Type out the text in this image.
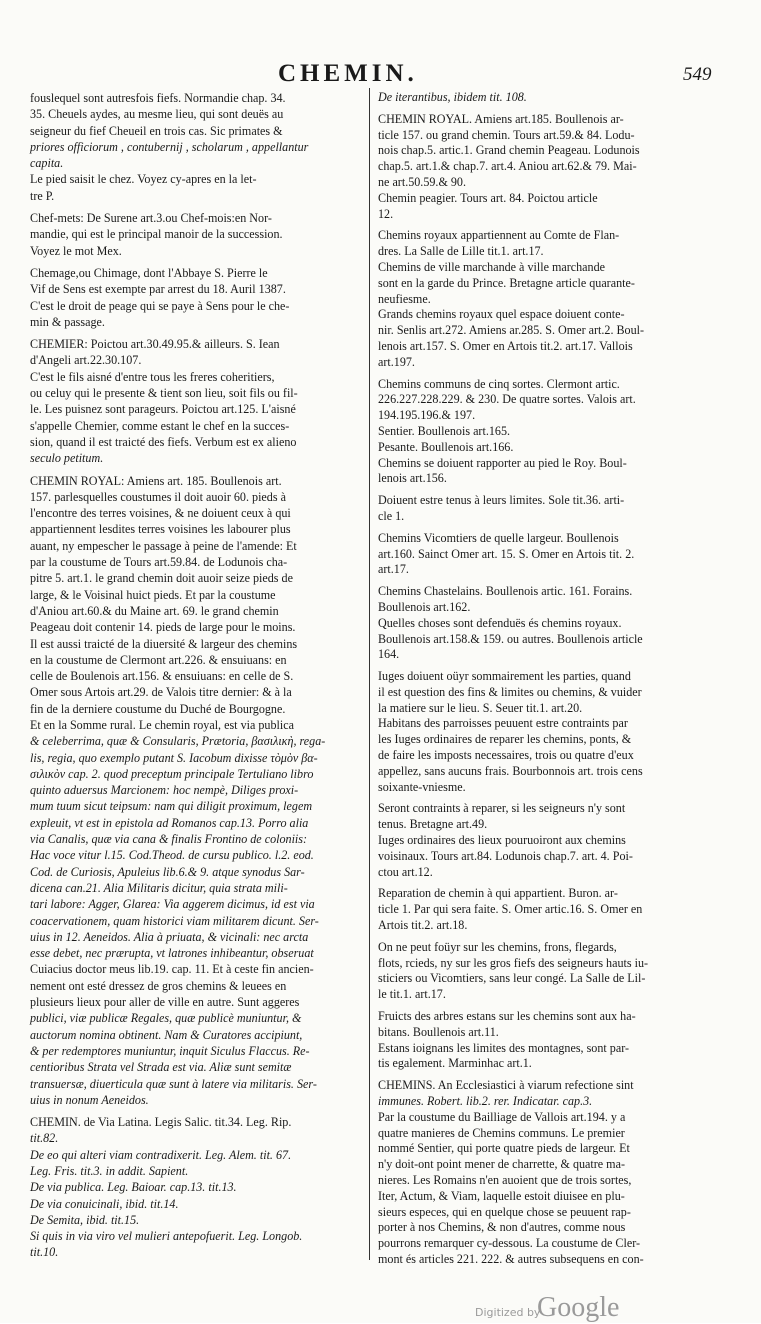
CHEMIN.	549

fouslequel sont autresfois fiefs. Normandie chap. 34.

35. Cheuels aydes, au mesme lieu, qui sont deuës au

seigneur du fief Cheueil en trois cas. Sic primates &

priores officiorum , contubernij , scholarum , appellantur

capita.

Le pied saisit le chez. Voyez cy-apres en la let-

tre P.

Chef-mets: De Surene art.3.ou Chef-mois:en Nor-

mandie, qui est le principal manoir de la succession.

Voyez le mot Mex.

Chemage,ou Chimage, dont l'Abbaye S. Pierre le

Vif de Sens est exempte par arrest du 18. Auril 1387.

C'est le droit de peage qui se paye à Sens pour le che-

min & passage.

CHEMIER: Poictou art.30.49.95.& ailleurs. S. Iean

d'Angeli art.22.30.107.

C'est le fils aisné d'entre tous les freres coheritiers,

ou celuy qui le presente & tient son lieu, soit fils ou fil-

le. Les puisnez sont parageurs. Poictou art.125. L'aisné

s'appelle Chemier, comme estant le chef en la succes-

sion, quand il est traicté des fiefs. Verbum est ex alieno

seculo petitum.

CHEMIN ROYAL: Amiens art. 185. Boullenois art.

157. parlesquelles coustumes il doit auoir 60. pieds à

l'encontre des terres voisines, & ne doiuent ceux à qui

appartiennent lesdites terres voisines les labourer plus

auant, ny empescher le passage à peine de l'amende: Et

par la coustume de Tours art.59.84. de Lodunois cha-

pitre 5. art.1. le grand chemin doit auoir seize pieds de

large, & le Voisinal huict pieds. Et par la coustume

d'Aniou art.60.& du Maine art. 69. le grand chemin

Peageau doit contenir 14. pieds de large pour le moins.

Il est aussi traicté de la diuersité & largeur des chemins

en la coustume de Clermont art.226. & ensuiuans: en

celle de Boulenois art.156. & ensuiuans: en celle de S.

Omer sous Artois art.29. de Valois titre dernier: & à la

fin de la derniere coustume du Duché de Bourgogne.

Et en la Somme rural. Le chemin royal, est via publica

& celeberrima, quæ & Consularis, Prætoria, βασιλικὴ, rega-

lis, regia, quo exemplo putant S. Iacobum dixisse τὸμὸν βα-

σιλικὸν cap. 2. quod preceptum principale Tertuliano libro

quinto aduersus Marcionem: hoc nempè, Diliges proxi-

mum tuum sicut teipsum: nam qui diligit proximum, legem

expleuit, vt est in epistola ad Romanos cap.13. Porro alia

via Canalis, quæ via cana & finalis Frontino de coloniis:

Hac voce vitur l.15. Cod.Theod. de cursu publico. l.2. eod.

Cod. de Curiosis, Apuleius lib.6.& 9. atque synodus Sar-

dicena can.21. Alia Militaris dicitur, quia strata mili-

tari labore: Agger, Glarea: Via aggerem dicimus, id est via

coacervationem, quam historici viam militarem dicunt. Ser-

uius in 12. Aeneidos. Alia à priuata, & vicinali: nec arcta

esse debet, nec prærupta, vt latrones inhibeantur, obseruat

Cuiacius doctor meus lib.19. cap. 11. Et à ceste fin ancien-

nement ont esté dressez de gros chemins & leuees en

plusieurs lieux pour aller de ville en autre. Sunt aggeres

publici, viæ publicæ Regales, quæ publicè muniuntur, &

auctorum nomina obtinent. Nam & Curatores accipiunt,

& per redemptores muniuntur, inquit Siculus Flaccus. Re-

centioribus Strata vel Strada est via. Aliæ sunt semitæ

transuersæ, diuerticula quæ sunt à latere via militaris. Ser-

uius in nonum Aeneidos.

CHEMIN. de Via Latina. Legis Salic. tit.34. Leg. Rip.

tit.82.

De eo qui alteri viam contradixerit. Leg. Alem. tit. 67.

Leg. Fris. tit.3. in addit. Sapient.

De via publica. Leg. Baioar. cap.13. tit.13.

De via conuicinali, ibid. tit.14.

De Semita, ibid. tit.15.

Si quis in via viro vel mulieri antepofuerit. Leg. Longob.

tit.10.

De iterantibus, ibidem tit. 108.

CHEMIN ROYAL. Amiens art.185. Boullenois ar-

ticle 157. ou grand chemin. Tours art.59.& 84. Lodu-

nois chap.5. artic.1. Grand chemin Peageau. Lodunois

chap.5. art.1.& chap.7. art.4. Aniou art.62.& 79. Mai-

ne art.50.59.& 90.

Chemin peagier. Tours art. 84. Poictou article

12.

Chemins royaux appartiennent au Comte de Flan-

dres. La Salle de Lille tit.1. art.17.

Chemins de ville marchande à ville marchande

sont en la garde du Prince. Bretagne article quarante-

neufiesme.

Grands chemins royaux quel espace doiuent conte-

nir. Senlis art.272. Amiens ar.285. S. Omer art.2. Boul-

lenois art.157. S. Omer en Artois tit.2. art.17. Vallois

art.197.

Chemins communs de cinq sortes. Clermont artic.

226.227.228.229. & 230. De quatre sortes. Valois art.

194.195.196.& 197.

Sentier. Boullenois art.165.

Pesante. Boullenois art.166.

Chemins se doiuent rapporter au pied le Roy. Boul-

lenois art.156.

Doiuent estre tenus à leurs limites. Sole tit.36. arti-

cle 1.

Chemins Vicomtiers de quelle largeur. Boullenois

art.160. Sainct Omer art. 15. S. Omer en Artois tit. 2.

art.17.

Chemins Chastelains. Boullenois artic. 161. Forains.

Boullenois art.162.

Quelles choses sont defenduës és chemins royaux.

Boullenois art.158.& 159. ou autres. Boullenois article

164.

Iuges doiuent oüyr sommairement les parties, quand

il est question des fins & limites ou chemins, & vuider

la matiere sur le lieu. S. Seuer tit.1. art.20.

Habitans des parroisses peuuent estre contraints par

les Iuges ordinaires de reparer les chemins, ponts, &

de faire les imposts necessaires, trois ou quatre d'eux

appellez, sans aucuns frais. Bourbonnois art. trois cens

soixante-vniesme.

Seront contraints à reparer, si les seigneurs n'y sont

tenus. Bretagne art.49.

Iuges ordinaires des lieux pouruoiront aux chemins

voisinaux. Tours art.84. Lodunois chap.7. art. 4. Poi-

ctou art.12.

Reparation de chemin à qui appartient. Buron. ar-

ticle 1. Par qui sera faite. S. Omer artic.16. S. Omer en

Artois tit.2. art.18.

On ne peut foüyr sur les chemins, frons, flegards,

flots, rcieds, ny sur les gros fiefs des seigneurs hauts iu-

sticiers ou Vicomtiers, sans leur congé. La Salle de Lil-

le tit.1. art.17.

Fruicts des arbres estans sur les chemins sont aux ha-

bitans. Boullenois art.11.

Estans ioignans les limites des montagnes, sont par-

tis egalement. Marminhac art.1.

CHEMINS. An Ecclesiastici à viarum refectione sint

immunes. Robert. lib.2. rer. Indicatar. cap.3.

Par la coustume du Bailliage de Vallois art.194. y a

quatre manieres de Chemins communs. Le premier

nommé Sentier, qui porte quatre pieds de largeur. Et

n'y doit-ont point mener de charrette, & quatre ma-

nieres. Les Romains n'en auoient que de trois sortes,

Iter, Actum, & Viam, laquelle estoit diuisee en plu-

sieurs especes, qui en quelque chose se peuuent rap-

porter à nos Chemins, & non d'autres, comme nous

pourrons remarquer cy-dessous. La coustume de Cler-

mont és articles 221. 222. & autres subsequens en con-

Digitized by
Google
